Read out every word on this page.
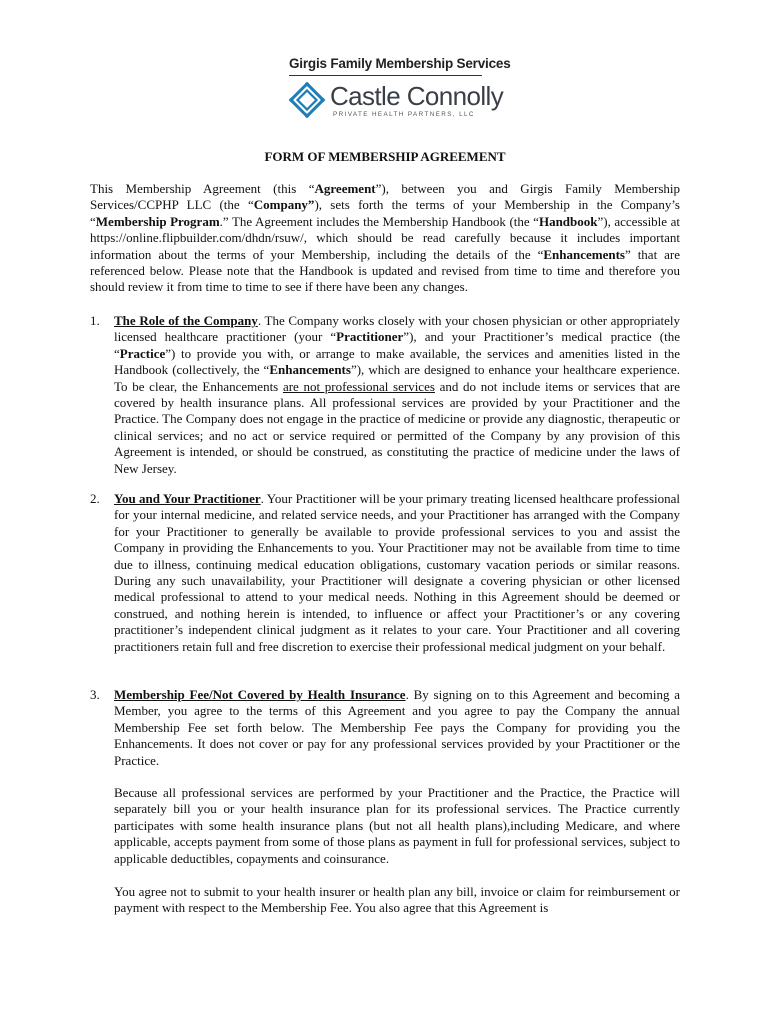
Girgis Family Membership Services
Castle Connolly
PRIVATE HEALTH PARTNERS, LLC
FORM OF MEMBERSHIP AGREEMENT

This Membership Agreement (this “Agreement”), between you and Girgis Family Membership Services/CCPHP LLC (the “Company”), sets forth the terms of your Membership in the Company’s “Membership Program.” The Agreement includes the Membership Handbook (the “Handbook”), accessible at https://online.flipbuilder.com/dhdn/rsuw/, which should be read carefully because it includes important information about the terms of your Membership, including the details of the “Enhancements” that are referenced below. Please note that the Handbook is updated and revised from time to time and therefore you should review it from time to time to see if there have been any changes.

1. The Role of the Company. The Company works closely with your chosen physician or other appropriately licensed healthcare practitioner (your “Practitioner”), and your Practitioner’s medical practice (the “Practice”) to provide you with, or arrange to make available, the services and amenities listed in the Handbook (collectively, the “Enhancements”), which are designed to enhance your healthcare experience. To be clear, the Enhancements are not professional services and do not include items or services that are covered by health insurance plans. All professional services are provided by your Practitioner and the Practice. The Company does not engage in the practice of medicine or provide any diagnostic, therapeutic or clinical services; and no act or service required or permitted of the Company by any provision of this Agreement is intended, or should be construed, as constituting the practice of medicine under the laws of New Jersey.

2. You and Your Practitioner. Your Practitioner will be your primary treating licensed healthcare professional for your internal medicine, and related service needs, and your Practitioner has arranged with the Company for your Practitioner to generally be available to provide professional services to you and assist the Company in providing the Enhancements to you. Your Practitioner may not be available from time to time due to illness, continuing medical education obligations, customary vacation periods or similar reasons. During any such unavailability, your Practitioner will designate a covering physician or other licensed medical professional to attend to your medical needs. Nothing in this Agreement should be deemed or construed, and nothing herein is intended, to influence or affect your Practitioner’s or any covering practitioner’s independent clinical judgment as it relates to your care. Your Practitioner and all covering practitioners retain full and free discretion to exercise their professional medical judgment on your behalf.

3. Membership Fee/Not Covered by Health Insurance. By signing on to this Agreement and becoming a Member, you agree to the terms of this Agreement and you agree to pay the Company the annual Membership Fee set forth below. The Membership Fee pays the Company for providing you the Enhancements. It does not cover or pay for any professional services provided by your Practitioner or the Practice.

Because all professional services are performed by your Practitioner and the Practice, the Practice will separately bill you or your health insurance plan for its professional services. The Practice currently participates with some health insurance plans (but not all health plans),including Medicare, and where applicable, accepts payment from some of those plans as payment in full for professional services, subject to applicable deductibles, copayments and coinsurance.

You agree not to submit to your health insurer or health plan any bill, invoice or claim for reimbursement or payment with respect to the Membership Fee. You also agree that this Agreement is
